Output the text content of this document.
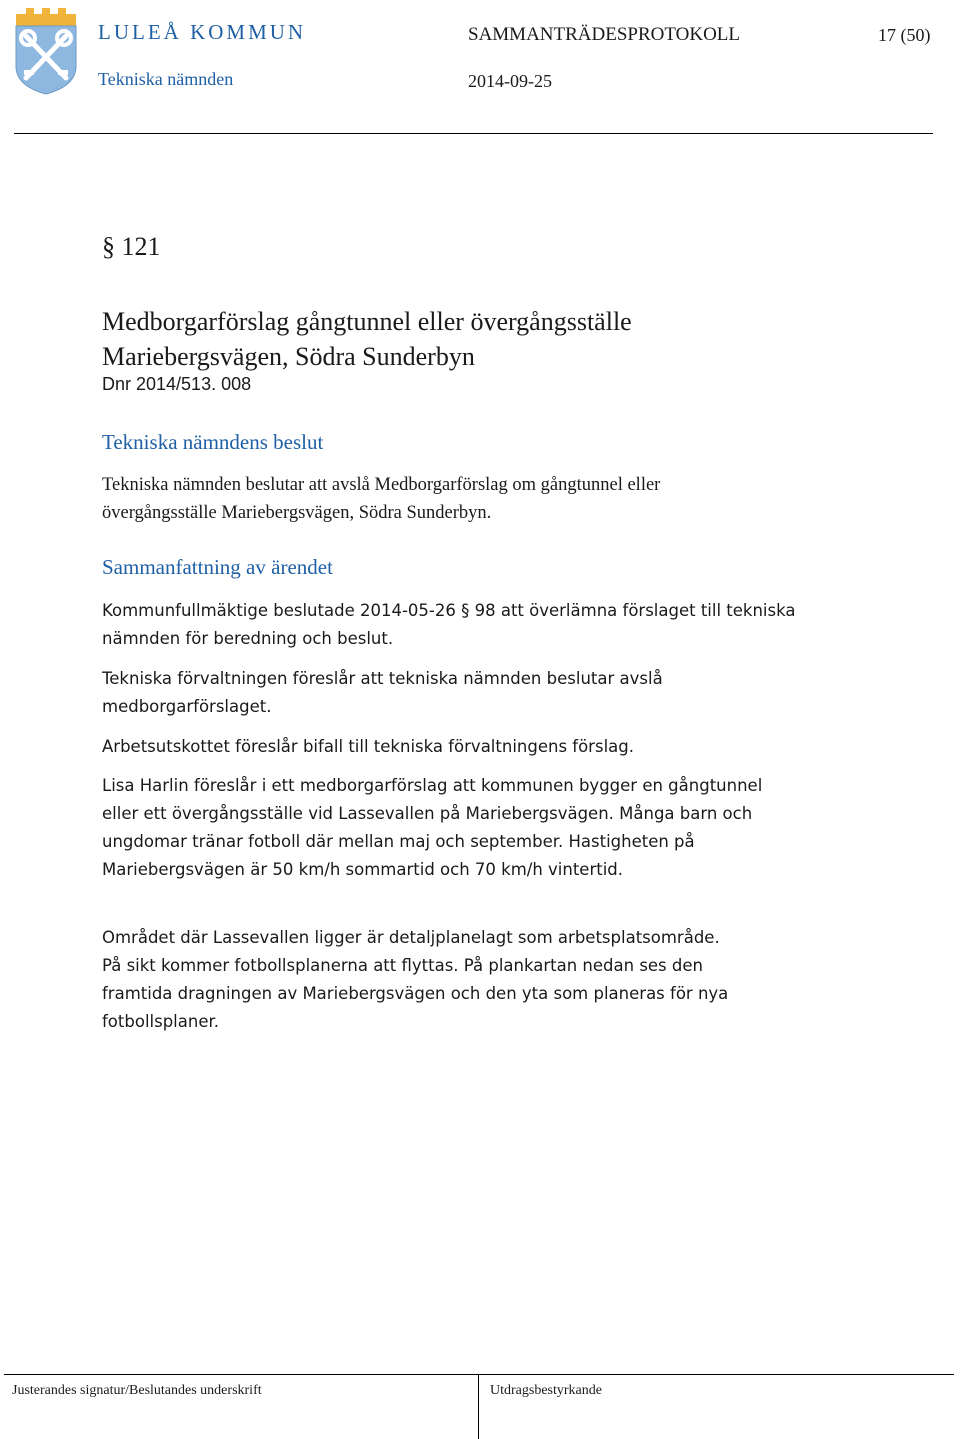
LULEÅ KOMMUN
Tekniska nämnden
SAMMANTRÄDESPROTOKOLL
2014-09-25
17 (50)
§ 121
Medborgarförslag gångtunnel eller övergångsställe
Mariebergsvägen, Södra Sunderbyn
Dnr 2014/513. 008
Tekniska nämndens beslut

Tekniska nämnden beslutar att avslå Medborgarförslag om gångtunnel eller övergångsställe Mariebergsvägen, Södra Sunderbyn.

Sammanfattning av ärendet

Kommunfullmäktige beslutade 2014-05-26 § 98 att överlämna förslaget till tekniska nämnden för beredning och beslut.

Tekniska förvaltningen föreslår att tekniska nämnden beslutar avslå medborgarförslaget.

Arbetsutskottet föreslår bifall till tekniska förvaltningens förslag.

Lisa Harlin föreslår i ett medborgarförslag att kommunen bygger en gångtunnel eller ett övergångsställe vid Lassevallen på Mariebergsvägen. Många barn och ungdomar tränar fotboll där mellan maj och september. Hastigheten på Mariebergsvägen är 50 km/h sommartid och 70 km/h vintertid.

Området där Lassevallen ligger är detaljplanelagt som arbetsplatsområde. På sikt kommer fotbollsplanerna att flyttas. På plankartan nedan ses den framtida dragningen av Mariebergsvägen och den yta som planeras för nya fotbollsplaner.

Justerandes signatur/Beslutandes underskrift	Utdragsbestyrkande
